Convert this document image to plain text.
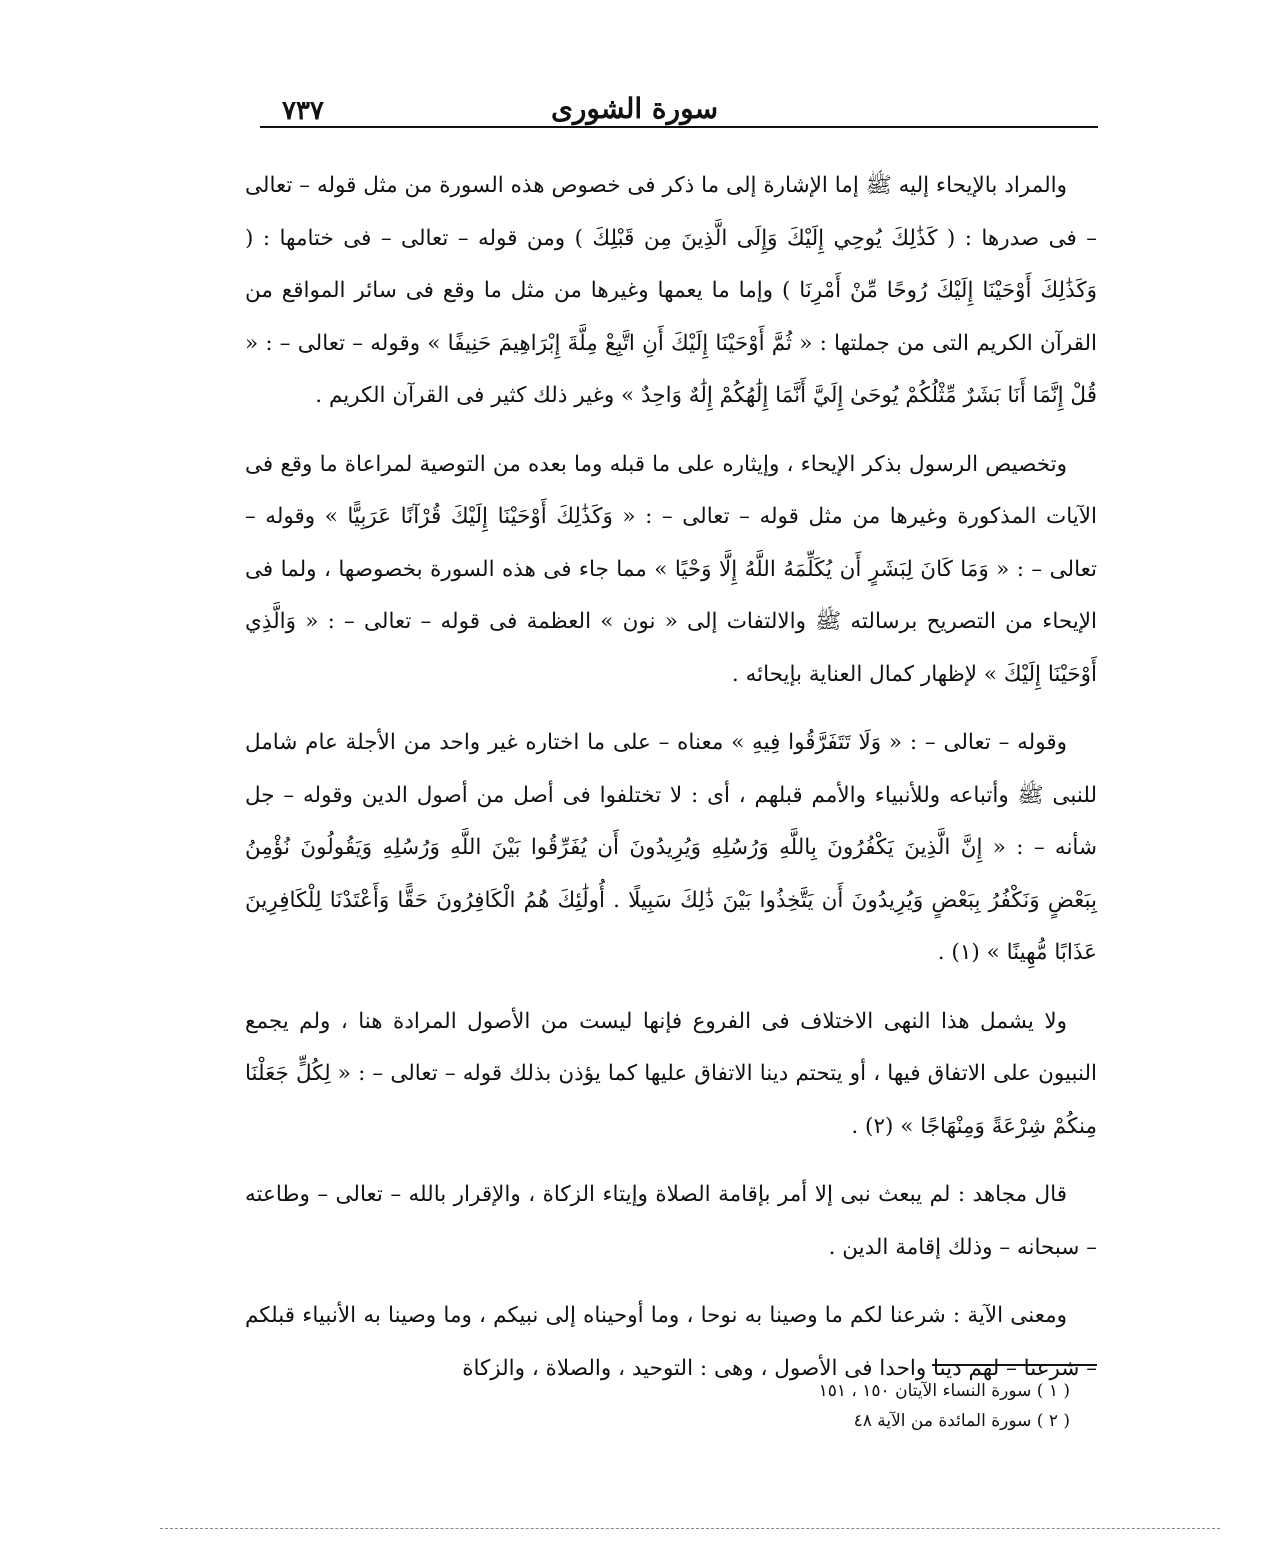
٧٣٧	سورة الشورى

والمراد بالإيحاء إليه ﷺ إما الإشارة إلى ما ذكر فى خصوص هذه السورة من مثل قوله – تعالى – فى صدرها : ( كَذَٰلِكَ يُوحِي إِلَيْكَ وَإِلَى الَّذِينَ مِن قَبْلِكَ ) ومن قوله – تعالى – فى ختامها : ( وَكَذَٰلِكَ أَوْحَيْنَا إِلَيْكَ رُوحًا مِّنْ أَمْرِنَا ) وإما ما يعمها وغيرها من مثل ما وقع فى سائر المواقع من القرآن الكريم التى من جملتها : « ثُمَّ أَوْحَيْنَا إِلَيْكَ أَنِ اتَّبِعْ مِلَّةَ إِبْرَاهِيمَ حَنِيفًا » وقوله – تعالى – : « قُلْ إِنَّمَا أَنَا بَشَرٌ مِّثْلُكُمْ يُوحَىٰ إِلَيَّ أَنَّمَا إِلَٰهُكُمْ إِلَٰهٌ وَاحِدٌ » وغير ذلك كثير فى القرآن الكريم .

وتخصيص الرسول بذكر الإيحاء ، وإيثاره على ما قبله وما بعده من التوصية لمراعاة ما وقع فى الآيات المذكورة وغيرها من مثل قوله – تعالى – : « وَكَذَٰلِكَ أَوْحَيْنَا إِلَيْكَ قُرْآنًا عَرَبِيًّا » وقوله – تعالى – : « وَمَا كَانَ لِبَشَرٍ أَن يُكَلِّمَهُ اللَّهُ إِلَّا وَحْيًا » مما جاء فى هذه السورة بخصوصها ، ولما فى الإيحاء من التصريح برسالته ﷺ والالتفات إلى « نون » العظمة فى قوله – تعالى – : « وَالَّذِي أَوْحَيْنَا إِلَيْكَ » لإظهار كمال العناية بإيحائه .

وقوله – تعالى – : « وَلَا تَتَفَرَّقُوا فِيهِ » معناه – على ما اختاره غير واحد من الأجلة عام شامل للنبى ﷺ وأتباعه وللأنبياء والأمم قبلهم ، أى : لا تختلفوا فى أصل من أصول الدين وقوله – جل شأنه – : « إِنَّ الَّذِينَ يَكْفُرُونَ بِاللَّهِ وَرُسُلِهِ وَيُرِيدُونَ أَن يُفَرِّقُوا بَيْنَ اللَّهِ وَرُسُلِهِ وَيَقُولُونَ نُؤْمِنُ بِبَعْضٍ وَنَكْفُرُ بِبَعْضٍ وَيُرِيدُونَ أَن يَتَّخِذُوا بَيْنَ ذَٰلِكَ سَبِيلًا . أُولَٰئِكَ هُمُ الْكَافِرُونَ حَقًّا وَأَعْتَدْنَا لِلْكَافِرِينَ عَذَابًا مُّهِينًا » (١) .

ولا يشمل هذا النهى الاختلاف فى الفروع فإنها ليست من الأصول المرادة هنا ، ولم يجمع النبيون على الاتفاق فيها ، أو يتحتم دينا الاتفاق عليها كما يؤذن بذلك قوله – تعالى – : « لِكُلٍّ جَعَلْنَا مِنكُمْ شِرْعَةً وَمِنْهَاجًا » (٢) .

قال مجاهد : لم يبعث نبى إلا أمر بإقامة الصلاة وإيتاء الزكاة ، والإقرار بالله – تعالى – وطاعته – سبحانه – وذلك إقامة الدين .

ومعنى الآية : شرعنا لكم ما وصينا به نوحا ، وما أوحيناه إلى نبيكم ، وما وصينا به الأنبياء قبلكم – شرعنا – لهم دينا واحدا فى الأصول ، وهى : التوحيد ، والصلاة ، والزكاة

( ١ ) سورة النساء الآيتان ١٥٠ ، ١٥١
( ٢ ) سورة المائدة من الآية ٤٨
